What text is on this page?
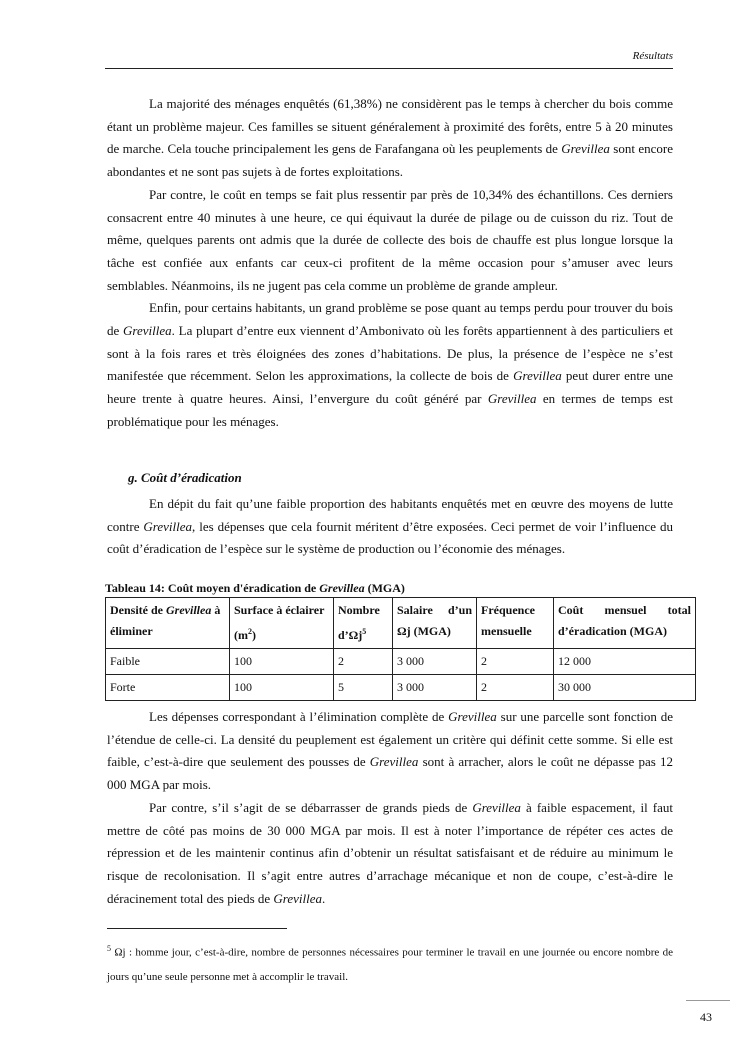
Résultats

La majorité des ménages enquêtés (61,38%) ne considèrent pas le temps à chercher du bois comme étant un problème majeur. Ces familles se situent généralement à proximité des forêts, entre 5 à 20 minutes de marche. Cela touche principalement les gens de Farafangana où les peuplements de Grevillea sont encore abondantes et ne sont pas sujets à de fortes exploitations.

Par contre, le coût en temps se fait plus ressentir par près de 10,34% des échantillons. Ces derniers consacrent entre 40 minutes à une heure, ce qui équivaut la durée de pilage ou de cuisson du riz. Tout de même, quelques parents ont admis que la durée de collecte des bois de chauffe est plus longue lorsque la tâche est confiée aux enfants car ceux-ci profitent de la même occasion pour s’amuser avec leurs semblables. Néanmoins, ils ne jugent pas cela comme un problème de grande ampleur.

Enfin, pour certains habitants, un grand problème se pose quant au temps perdu pour trouver du bois de Grevillea. La plupart d’entre eux viennent d’Ambonivato où les forêts appartiennent à des particuliers et sont à la fois rares et très éloignées des zones d’habitations. De plus, la présence de l’espèce ne s’est manifestée que récemment. Selon les approximations, la collecte de bois de Grevillea peut durer entre une heure trente à quatre heures. Ainsi, l’envergure du coût généré par Grevillea en termes de temps est problématique pour les ménages.

g. Coût d’éradication

En dépit du fait qu’une faible proportion des habitants enquêtés met en œuvre des moyens de lutte contre Grevillea, les dépenses que cela fournit méritent d’être exposées. Ceci permet de voir l’influence du coût d’éradication de l’espèce sur le système de production ou l’économie des ménages.

Tableau 14: Coût moyen d'éradication de Grevillea (MGA)
Densité de Grevillea à éliminer	Surface à éclairer $(m^2)$	Nombre $d’\Omega j^5$	Salaire d’un Ωj (MGA)	Fréquence mensuelle	Coût mensuel total d’éradication (MGA)
Faible	100	2	3 000	2	12 000
Forte	100	5	3 000	2	30 000

Les dépenses correspondant à l’élimination complète de Grevillea sur une parcelle sont fonction de l’étendue de celle-ci. La densité du peuplement est également un critère qui définit cette somme. Si elle est faible, c’est-à-dire que seulement des pousses de Grevillea sont à arracher, alors le coût ne dépasse pas 12 000 MGA par mois.

Par contre, s’il s’agit de se débarrasser de grands pieds de Grevillea à faible espacement, il faut mettre de côté pas moins de 30 000 MGA par mois. Il est à noter l’importance de répéter ces actes de répression et de les maintenir continus afin d’obtenir un résultat satisfaisant et de réduire au minimum le risque de recolonisation. Il s’agit entre autres d’arrachage mécanique et non de coupe, c’est-à-dire le déracinement total des pieds de Grevillea.

$^5$ Ωj : homme jour, c’est-à-dire, nombre de personnes nécessaires pour terminer le travail en une journée ou encore nombre de jours qu’une seule personne met à accomplir le travail.
43
